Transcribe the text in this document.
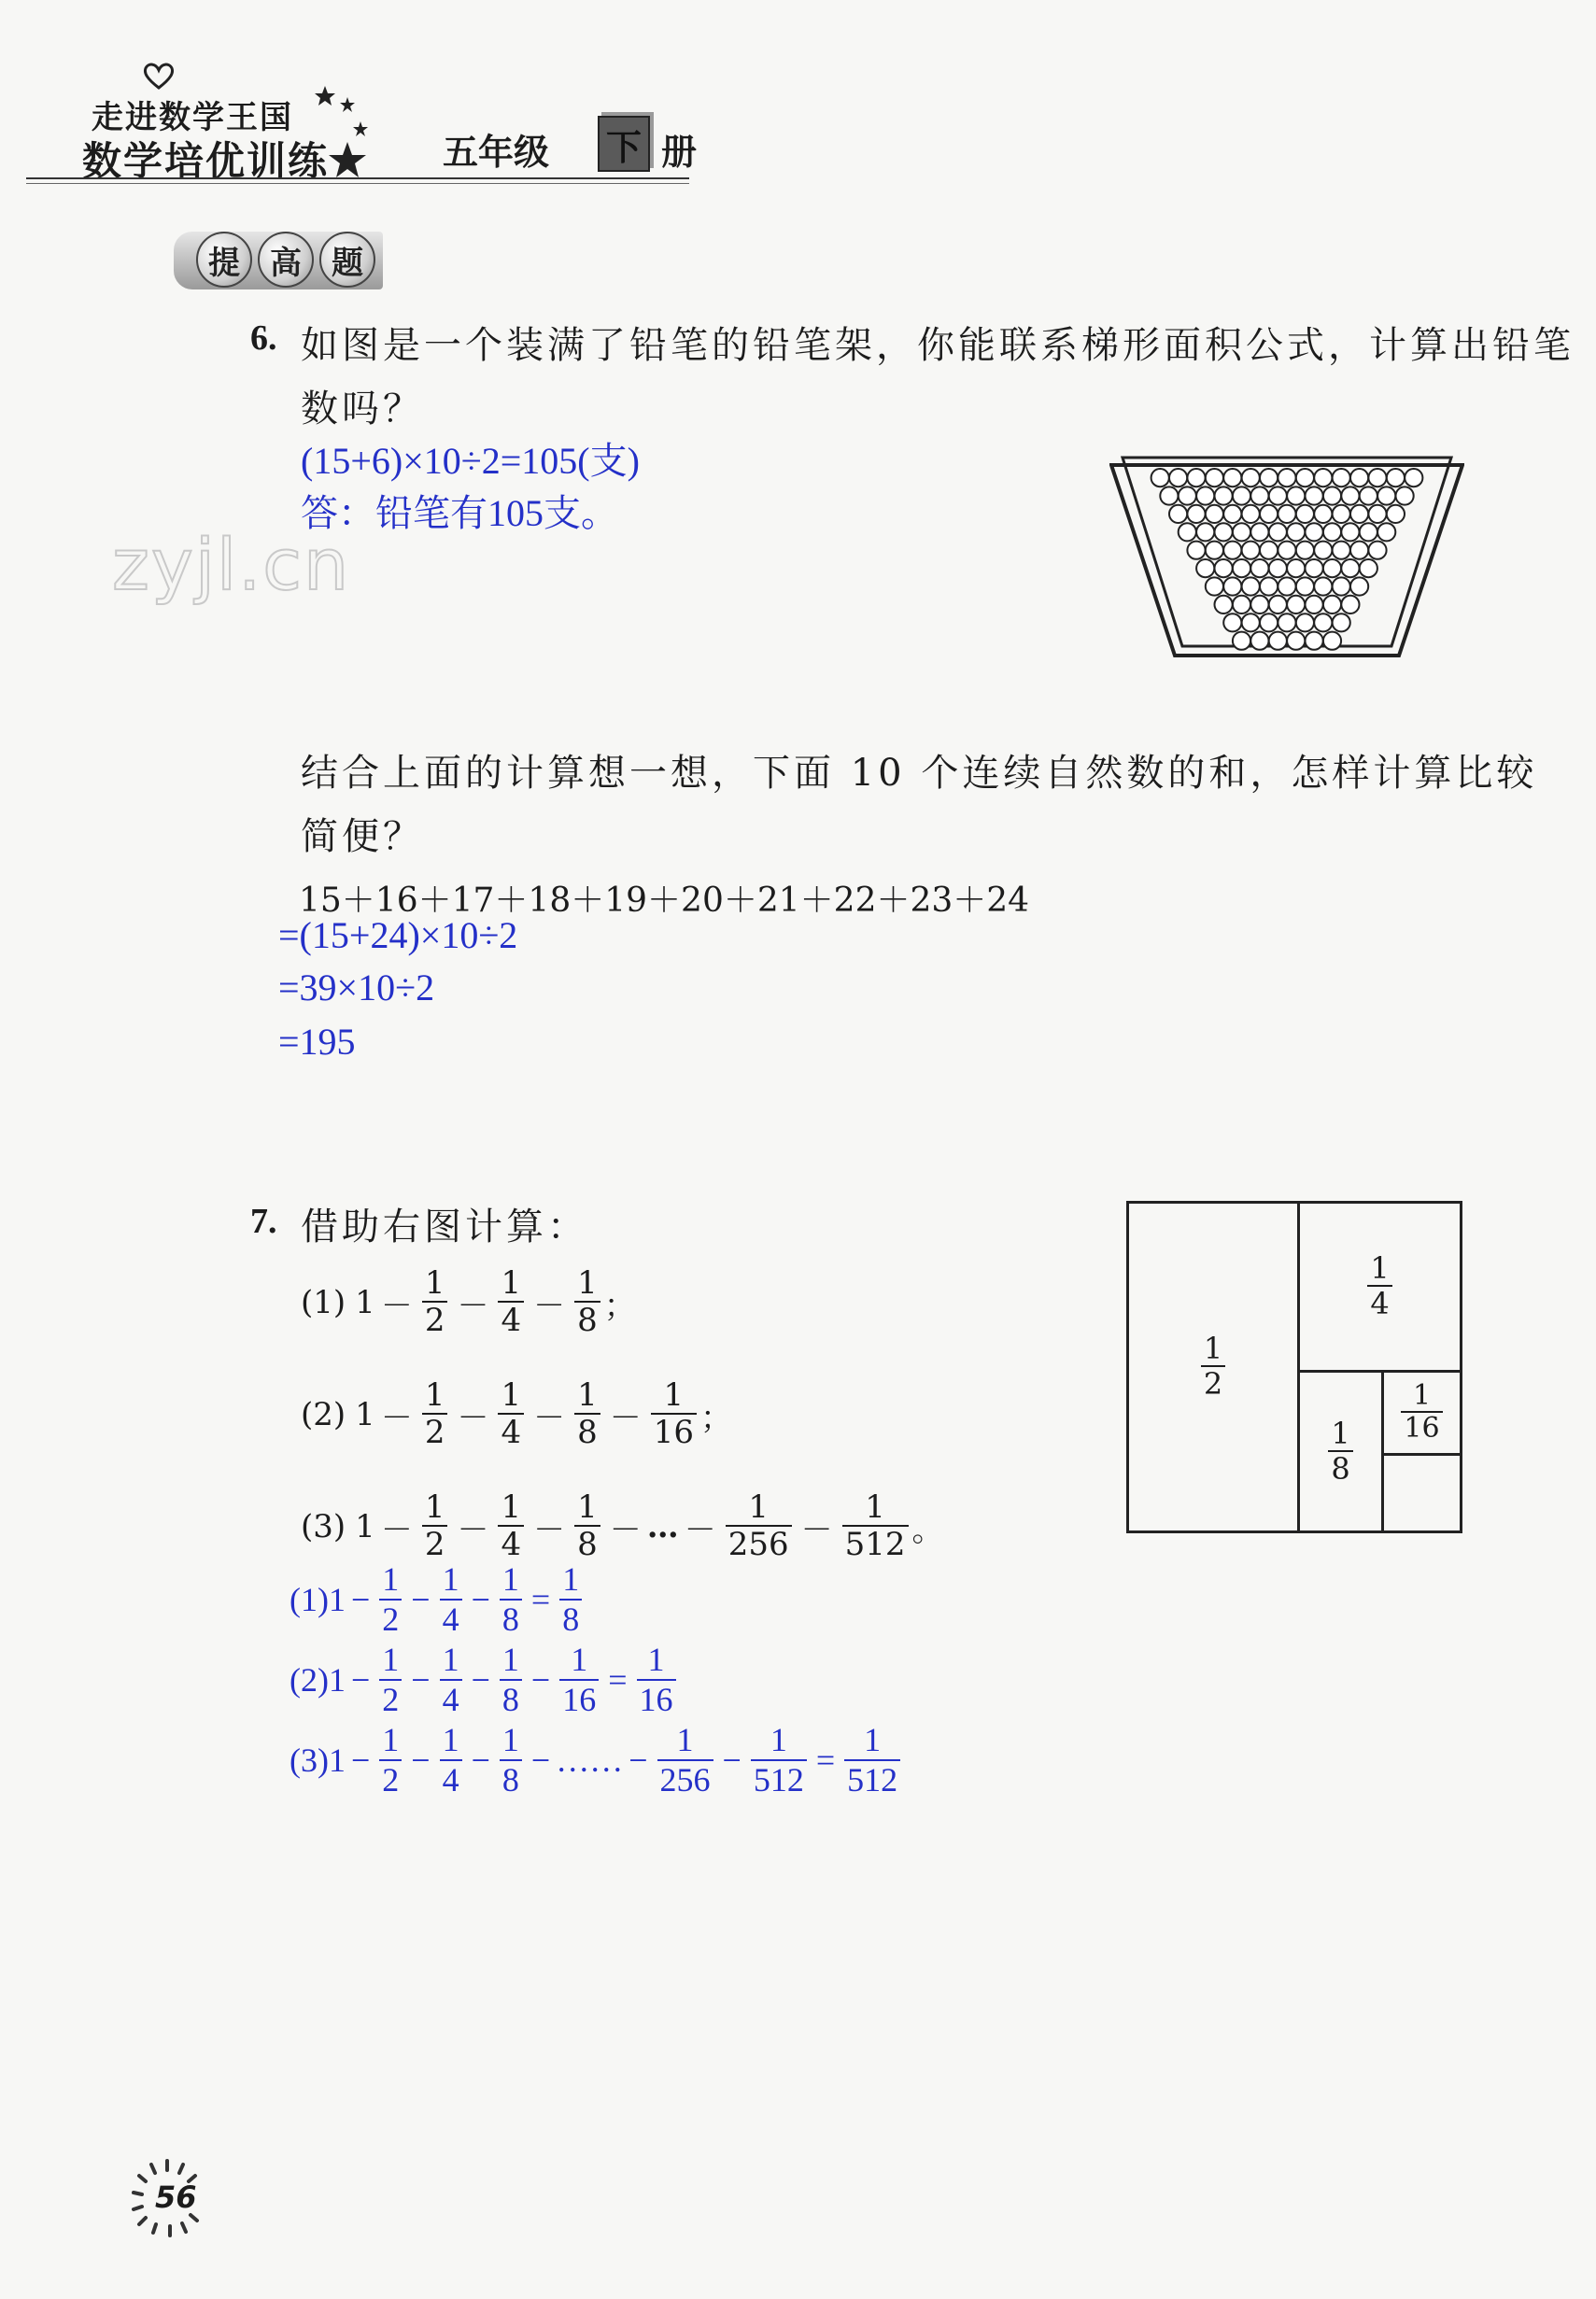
走进数学王国
数学培优训练	五年级 下 册
提 高 题
6. 如图是一个装满了铅笔的铅笔架，你能联系梯形面积公式，计算出铅笔
数吗？
(15+6)×10÷2=105(支)
答：铅笔有105支。
zyjl.cn
结合上面的计算想一想，下面 10 个连续自然数的和，怎样计算比较
简便？
15＋16＋17＋18＋19＋20＋21＋22＋23＋24
=(15+24)×10÷2
=39×10÷2
=195
7. 借助右图计算：
(1) $1 - \frac{1}{2} - \frac{1}{4} - \frac{1}{8}$ ；
(2) $1 - \frac{1}{2} - \frac{1}{4} - \frac{1}{8} - \frac{1}{16}$ ；
(3) $1 - \frac{1}{2} - \frac{1}{4} - \frac{1}{8}$ － … － $\frac{1}{256} - \frac{1}{512}$ 。
$(1)1 - \frac{1}{2} - \frac{1}{4} - \frac{1}{8} = \frac{1}{8}$
$(2)1 - \frac{1}{2} - \frac{1}{4} - \frac{1}{8} - \frac{1}{16} = \frac{1}{16}$
$(3)1 - \frac{1}{2} - \frac{1}{4} - \frac{1}{8}$ − …… − $\frac{1}{256} - \frac{1}{512} = \frac{1}{512}$
$\frac{1}{2}$
$\frac{1}{4}$
$\frac{1}{8}$
$\frac{1}{16}$
56
